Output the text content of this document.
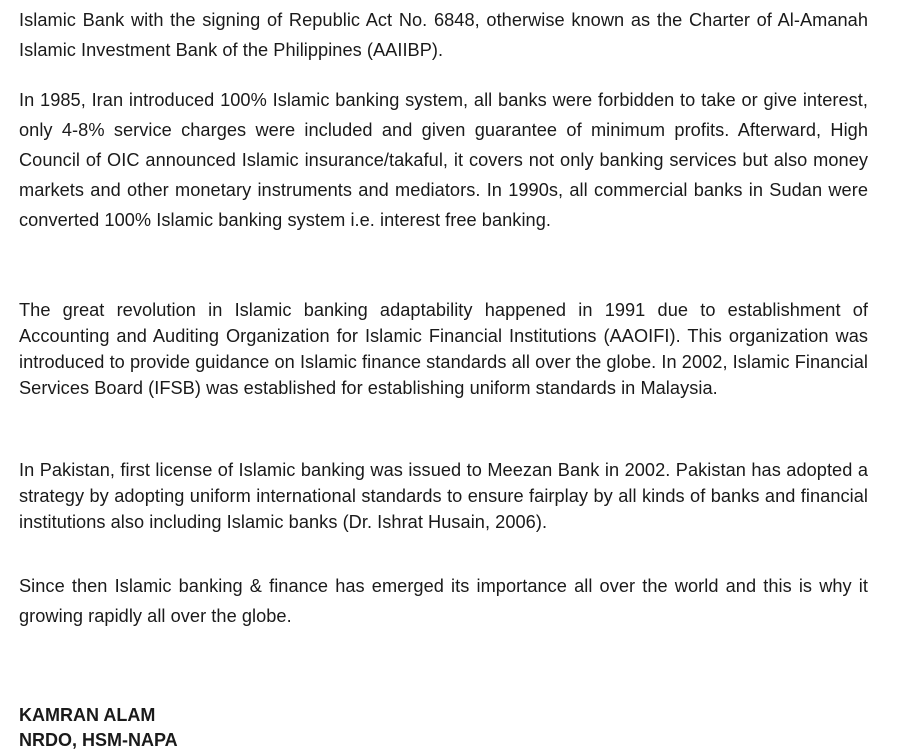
Islamic Bank with the signing of Republic Act No. 6848, otherwise known as the Charter of Al-Amanah Islamic Investment Bank of the Philippines (AAIIBP).

In 1985, Iran introduced 100% Islamic banking system, all banks were forbidden to take or give interest, only 4-8% service charges were included and given guarantee of minimum profits. Afterward, High Council of OIC announced Islamic insurance/takaful, it covers not only banking services but also money markets and other monetary instruments and mediators. In 1990s, all commercial banks in Sudan were converted 100% Islamic banking system i.e. interest free banking.

The great revolution in Islamic banking adaptability happened in 1991 due to establishment of Accounting and Auditing Organization for Islamic Financial Institutions (AAOIFI). This organization was introduced to provide guidance on Islamic finance standards all over the globe. In 2002, Islamic Financial Services Board (IFSB) was established for establishing uniform standards in Malaysia.

In Pakistan, first license of Islamic banking was issued to Meezan Bank in 2002. Pakistan has adopted a strategy by adopting uniform international standards to ensure fairplay by all kinds of banks and financial institutions also including Islamic banks (Dr. Ishrat Husain, 2006).

Since then Islamic banking & finance has emerged its importance all over the world and this is why it growing rapidly all over the globe.

KAMRAN ALAM
NRDO, HSM-NAPA
